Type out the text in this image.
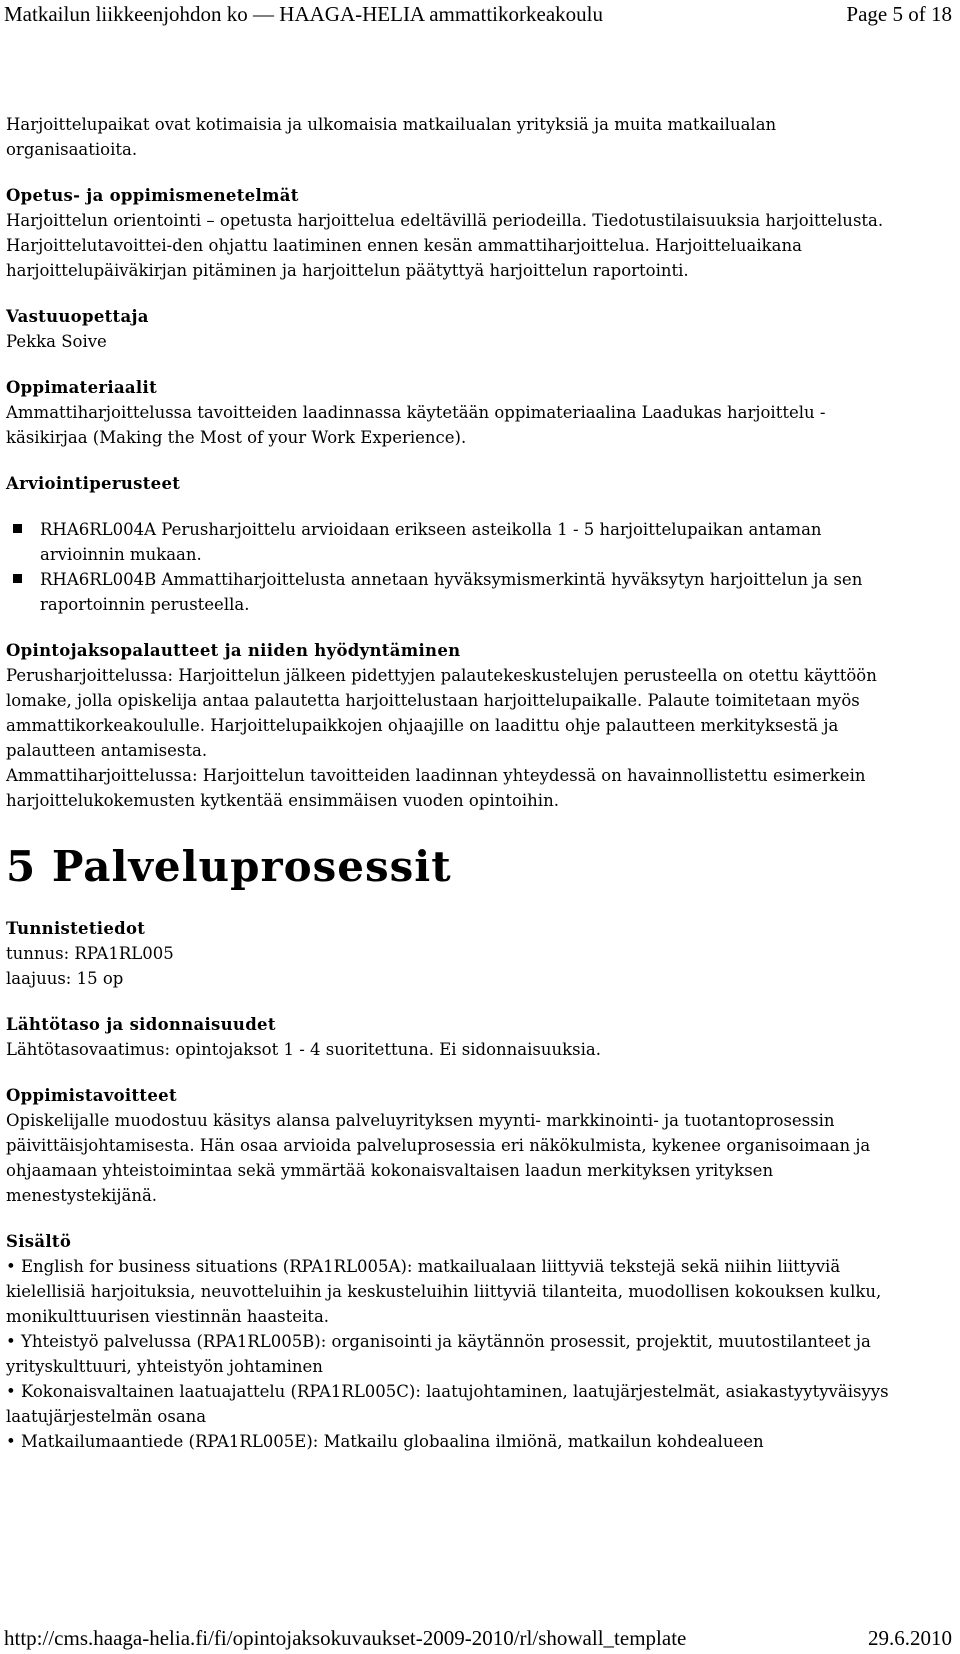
Matkailun liikkeenjohdon ko — HAAGA-HELIA ammattikorkeakoulu	Page 5 of 18

Harjoittelupaikat ovat kotimaisia ja ulkomaisia matkailualan yrityksiä ja muita matkailualan organisaatioita.

Opetus- ja oppimismenetelmät

Harjoittelun orientointi – opetusta harjoittelua edeltävillä periodeilla. Tiedotustilaisuuksia harjoittelusta. Harjoittelutavoittei-den ohjattu laatiminen ennen kesän ammattiharjoittelua. Harjoitteluaikana harjoittelupäiväkirjan pitäminen ja harjoittelun päätyttyä harjoittelun raportointi.

Vastuuopettaja

Pekka Soive

Oppimateriaalit

Ammattiharjoittelussa tavoitteiden laadinnassa käytetään oppimateriaalina Laadukas harjoittelu -käsikirjaa (Making the Most of your Work Experience).

Arviointiperusteet
RHA6RL004A Perusharjoittelu arvioidaan erikseen asteikolla 1 - 5 harjoittelupaikan antaman arvioinnin mukaan.
RHA6RL004B Ammattiharjoittelusta annetaan hyväksymismerkintä hyväksytyn harjoittelun ja sen raportoinnin perusteella.
Opintojaksopalautteet ja niiden hyödyntäminen

Perusharjoittelussa: Harjoittelun jälkeen pidettyjen palautekeskustelujen perusteella on otettu käyttöön lomake, jolla opiskelija antaa palautetta harjoittelustaan harjoittelupaikalle. Palaute toimitetaan myös ammattikorkeakoululle. Harjoittelupaikkojen ohjaajille on laadittu ohje palautteen merkityksestä ja palautteen antamisesta.

Ammattiharjoittelussa: Harjoittelun tavoitteiden laadinnan yhteydessä on havainnollistettu esimerkein harjoittelukokemusten kytkentää ensimmäisen vuoden opintoihin.

5 Palveluprosessit
Tunnistetiedot

tunnus: RPA1RL005

laajuus: 15 op

Lähtötaso ja sidonnaisuudet

Lähtötasovaatimus: opintojaksot 1 - 4 suoritettuna. Ei sidonnaisuuksia.

Oppimistavoitteet

Opiskelijalle muodostuu käsitys alansa palveluyrityksen myynti- markkinointi- ja tuotantoprosessin päivittäisjohtamisesta. Hän osaa arvioida palveluprosessia eri näkökulmista, kykenee organisoimaan ja ohjaamaan yhteistoimintaa sekä ymmärtää kokonaisvaltaisen laadun merkityksen yrityksen menestystekijänä.

Sisältö

• English for business situations (RPA1RL005A): matkailualaan liittyviä tekstejä sekä niihin liittyviä kielellisiä harjoituksia, neuvotteluihin ja keskusteluihin liittyviä tilanteita, muodollisen kokouksen kulku, monikulttuurisen viestinnän haasteita.

• Yhteistyö palvelussa (RPA1RL005B): organisointi ja käytännön prosessit, projektit, muutostilanteet ja yrityskulttuuri, yhteistyön johtaminen

• Kokonaisvaltainen laatuajattelu (RPA1RL005C): laatujohtaminen, laatujärjestelmät, asiakastyytyväisyys laatujärjestelmän osana

• Matkailumaantiede (RPA1RL005E): Matkailu globaalina ilmiönä, matkailun kohdealueen

http://cms.haaga-helia.fi/fi/opintojaksokuvaukset-2009-2010/rl/showall_template	29.6.2010
